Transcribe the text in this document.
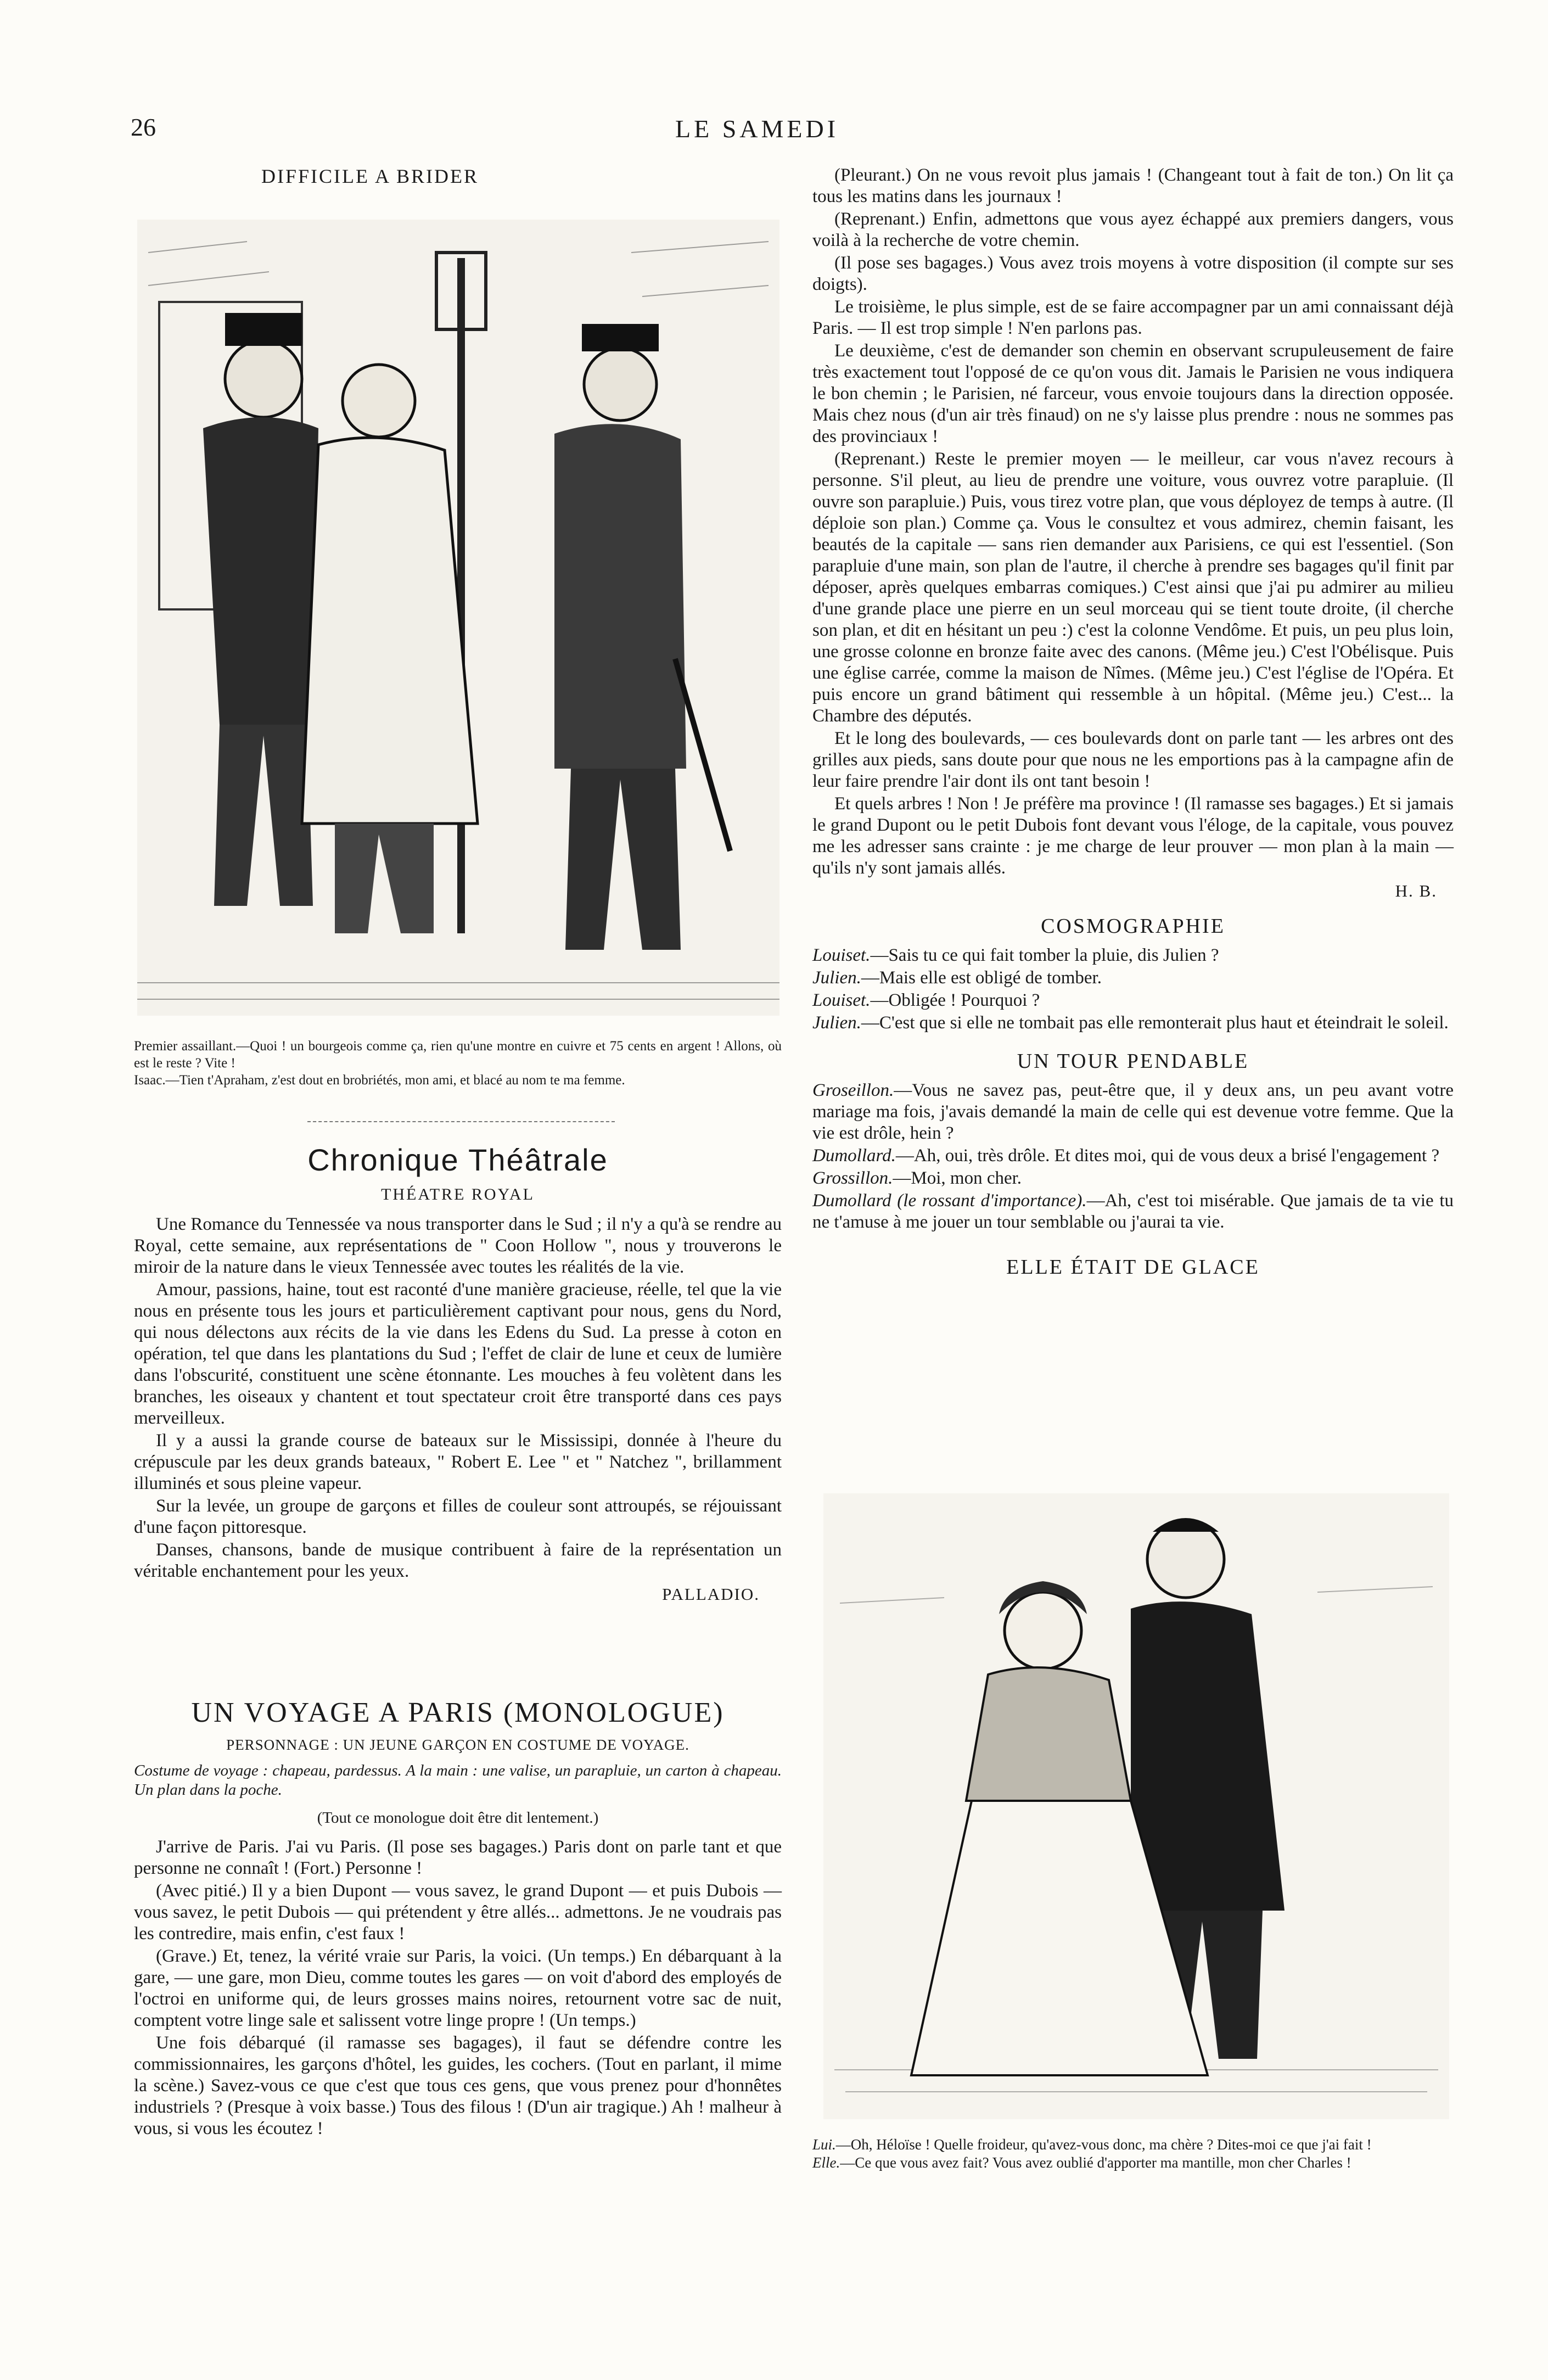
26	LE SAMEDI
DIFFICILE A BRIDER

Premier assaillant.—Quoi ! un bourgeois comme ça, rien qu'une montre en cuivre et 75 cents en argent ! Allons, où est le reste ? Vite !

Isaac.—Tien t'Apraham, z'est dout en brobriétés, mon ami, et blacé au nom te ma femme.

Chronique Théâtrale
THÉATRE ROYAL

Une Romance du Tennessée va nous transporter dans le Sud ; il n'y a qu'à se rendre au Royal, cette semaine, aux représentations de " Coon Hollow ", nous y trouverons le miroir de la nature dans le vieux Tennessée avec toutes les réalités de la vie.

Amour, passions, haine, tout est raconté d'une manière gracieuse, réelle, tel que la vie nous en présente tous les jours et particulièrement captivant pour nous, gens du Nord, qui nous délectons aux récits de la vie dans les Edens du Sud. La presse à coton en opération, tel que dans les plantations du Sud ; l'effet de clair de lune et ceux de lumière dans l'obscurité, constituent une scène étonnante. Les mouches à feu volètent dans les branches, les oiseaux y chantent et tout spectateur croit être transporté dans ces pays merveilleux.

Il y a aussi la grande course de bateaux sur le Mississipi, donnée à l'heure du crépuscule par les deux grands bateaux, " Robert E. Lee " et " Natchez ", brillamment illuminés et sous pleine vapeur.

Sur la levée, un groupe de garçons et filles de couleur sont attroupés, se réjouissant d'une façon pittoresque.

Danses, chansons, bande de musique contribuent à faire de la représentation un véritable enchantement pour les yeux.

PALLADIO.
UN VOYAGE A PARIS (MONOLOGUE)
PERSONNAGE : UN JEUNE GARÇON EN COSTUME DE VOYAGE.

Costume de voyage : chapeau, pardessus. A la main : une valise, un parapluie, un carton à chapeau. Un plan dans la poche.

(Tout ce monologue doit être dit lentement.)

J'arrive de Paris. J'ai vu Paris. (Il pose ses bagages.) Paris dont on parle tant et que personne ne connaît ! (Fort.) Personne !

(Avec pitié.) Il y a bien Dupont — vous savez, le grand Dupont — et puis Dubois — vous savez, le petit Dubois — qui prétendent y être allés... admettons. Je ne voudrais pas les contredire, mais enfin, c'est faux !

(Grave.) Et, tenez, la vérité vraie sur Paris, la voici. (Un temps.) En débarquant à la gare, — une gare, mon Dieu, comme toutes les gares — on voit d'abord des employés de l'octroi en uniforme qui, de leurs grosses mains noires, retournent votre sac de nuit, comptent votre linge sale et salissent votre linge propre ! (Un temps.)

Une fois débarqué (il ramasse ses bagages), il faut se défendre contre les commissionnaires, les garçons d'hôtel, les guides, les cochers. (Tout en parlant, il mime la scène.) Savez-vous ce que c'est que tous ces gens, que vous prenez pour d'honnêtes industriels ? (Presque à voix basse.) Tous des filous ! (D'un air tragique.) Ah ! malheur à vous, si vous les écoutez !

(Pleurant.) On ne vous revoit plus jamais ! (Changeant tout à fait de ton.) On lit ça tous les matins dans les journaux !

(Reprenant.) Enfin, admettons que vous ayez échappé aux premiers dangers, vous voilà à la recherche de votre chemin.

(Il pose ses bagages.) Vous avez trois moyens à votre disposition (il compte sur ses doigts).

Le troisième, le plus simple, est de se faire accompagner par un ami connaissant déjà Paris. — Il est trop simple ! N'en parlons pas.

Le deuxième, c'est de demander son chemin en observant scrupuleusement de faire très exactement tout l'opposé de ce qu'on vous dit. Jamais le Parisien ne vous indiquera le bon chemin ; le Parisien, né farceur, vous envoie toujours dans la direction opposée. Mais chez nous (d'un air très finaud) on ne s'y laisse plus prendre : nous ne sommes pas des provinciaux !

(Reprenant.) Reste le premier moyen — le meilleur, car vous n'avez recours à personne. S'il pleut, au lieu de prendre une voiture, vous ouvrez votre parapluie. (Il ouvre son parapluie.) Puis, vous tirez votre plan, que vous déployez de temps à autre. (Il déploie son plan.) Comme ça. Vous le consultez et vous admirez, chemin faisant, les beautés de la capitale — sans rien demander aux Parisiens, ce qui est l'essentiel. (Son parapluie d'une main, son plan de l'autre, il cherche à prendre ses bagages qu'il finit par déposer, après quelques embarras comiques.) C'est ainsi que j'ai pu admirer au milieu d'une grande place une pierre en un seul morceau qui se tient toute droite, (il cherche son plan, et dit en hésitant un peu :) c'est la colonne Vendôme. Et puis, un peu plus loin, une grosse colonne en bronze faite avec des canons. (Même jeu.) C'est l'Obélisque. Puis une église carrée, comme la maison de Nîmes. (Même jeu.) C'est l'église de l'Opéra. Et puis encore un grand bâtiment qui ressemble à un hôpital. (Même jeu.) C'est... la Chambre des députés.

Et le long des boulevards, — ces boulevards dont on parle tant — les arbres ont des grilles aux pieds, sans doute pour que nous ne les emportions pas à la campagne afin de leur faire prendre l'air dont ils ont tant besoin !

Et quels arbres ! Non ! Je préfère ma province ! (Il ramasse ses bagages.) Et si jamais le grand Dupont ou le petit Dubois font devant vous l'éloge, de la capitale, vous pouvez me les adresser sans crainte : je me charge de leur prouver — mon plan à la main — qu'ils n'y sont jamais allés.

H. B.
COSMOGRAPHIE

Louiset.—Sais tu ce qui fait tomber la pluie, dis Julien ?

Julien.—Mais elle est obligé de tomber.

Louiset.—Obligée ! Pourquoi ?

Julien.—C'est que si elle ne tombait pas elle remonterait plus haut et éteindrait le soleil.

UN TOUR PENDABLE

Groseillon.—Vous ne savez pas, peut-être que, il y deux ans, un peu avant votre mariage ma fois, j'avais demandé la main de celle qui est devenue votre femme. Que la vie est drôle, hein ?

Dumollard.—Ah, oui, très drôle. Et dites moi, qui de vous deux a brisé l'engagement ?

Grossillon.—Moi, mon cher.

Dumollard (le rossant d'importance).—Ah, c'est toi misérable. Que jamais de ta vie tu ne t'amuse à me jouer un tour semblable ou j'aurai ta vie.

ELLE ÉTAIT DE GLACE

Lui.—Oh, Héloïse ! Quelle froideur, qu'avez-vous donc, ma chère ? Dites-moi ce que j'ai fait !

Elle.—Ce que vous avez fait? Vous avez oublié d'apporter ma mantille, mon cher Charles !
